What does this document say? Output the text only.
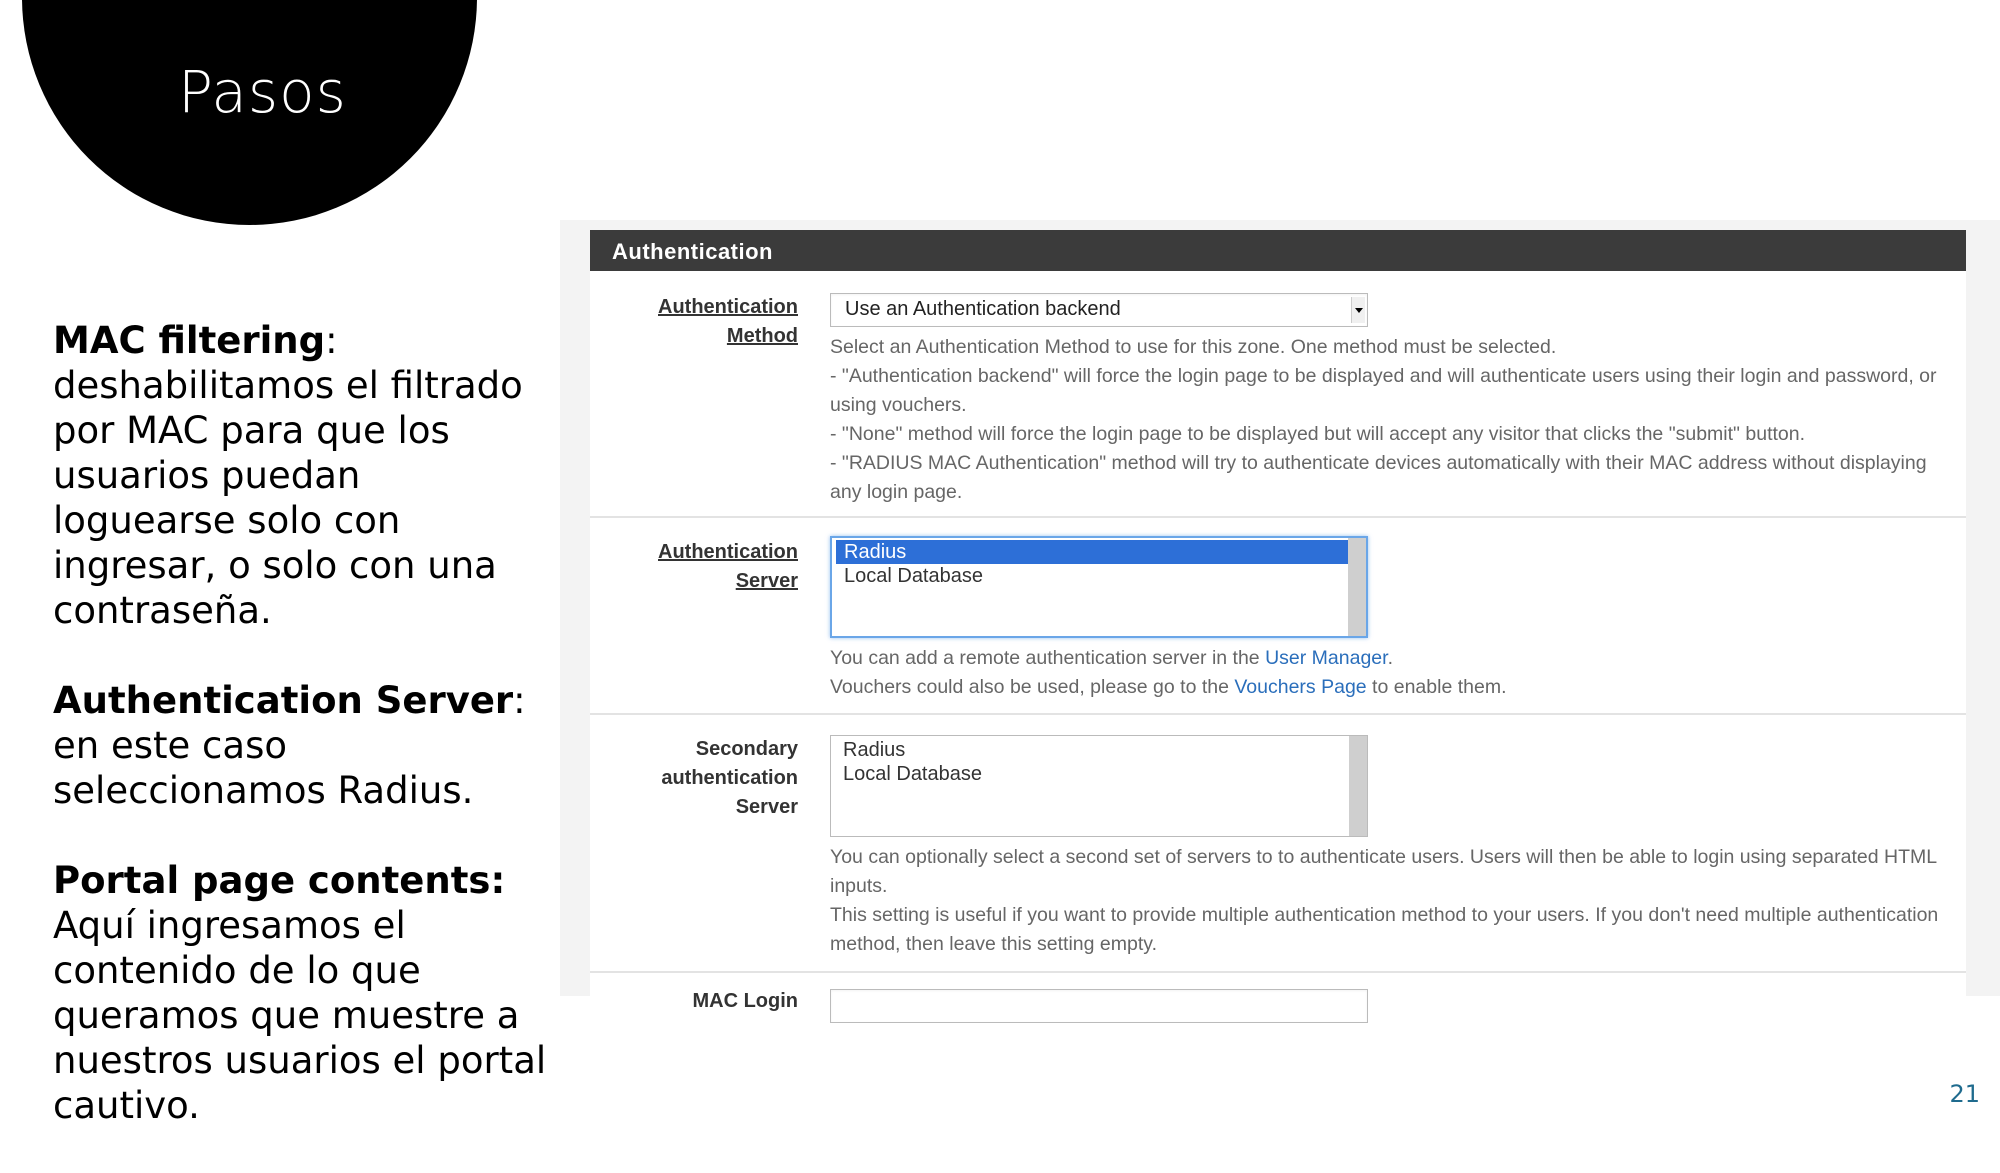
Pasos

MAC filtering: deshabilitamos el filtrado por MAC para que los usuarios puedan loguearse solo con ingresar, o solo con una contraseña.

Authentication Server: en este caso seleccionamos Radius.

Portal page contents: Aquí ingresamos el contenido de lo que queramos que muestre a nuestros usuarios el portal cautivo.

Authentication
Authentication
Method
Use an Authentication backend
Select an Authentication Method to use for this zone. One method must be selected.
- "Authentication backend" will force the login page to be displayed and will authenticate users using their login and password, or using vouchers.
- "None" method will force the login page to be displayed but will accept any visitor that clicks the "submit" button.
- "RADIUS MAC Authentication" method will try to authenticate devices automatically with their MAC address without displaying any login page.
Authentication
Server
Radius
Local Database
You can add a remote authentication server in the User Manager.
Vouchers could also be used, please go to the Vouchers Page to enable them.
Secondary
authentication
Server
Radius
Local Database
You can optionally select a second set of servers to to authenticate users. Users will then be able to login using separated HTML inputs.
This setting is useful if you want to provide multiple authentication method to your users. If you don't need multiple authentication method, then leave this setting empty.
MAC Login
21
